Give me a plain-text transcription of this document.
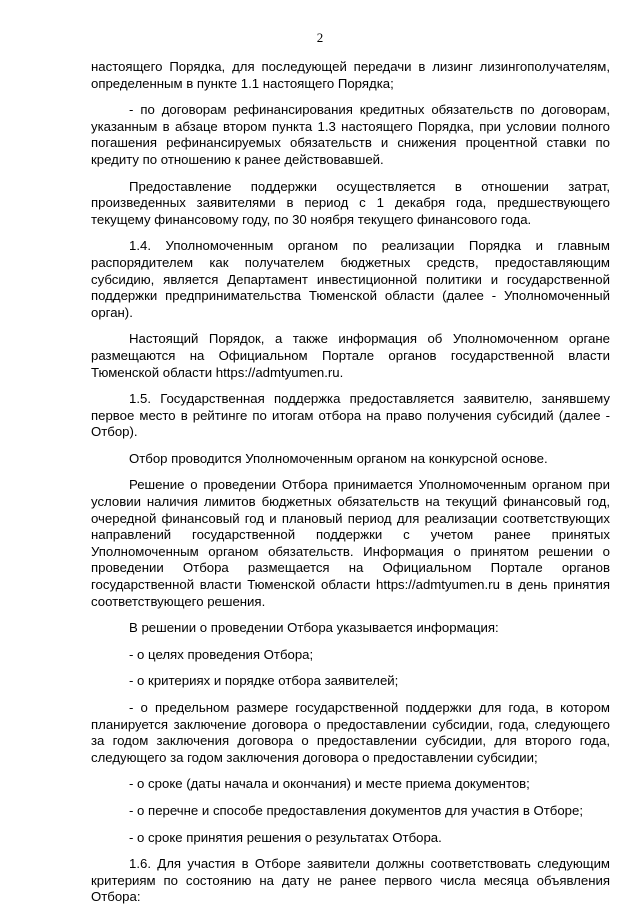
2

настоящего Порядка, для последующей передачи в лизинг лизингополучателям, определенным в пункте 1.1 настоящего Порядка;

- по договорам рефинансирования кредитных обязательств по договорам, указанным в абзаце втором пункта 1.3 настоящего Порядка, при условии полного погашения рефинансируемых обязательств и снижения процентной ставки по кредиту по отношению к ранее действовавшей.

Предоставление поддержки осуществляется в отношении затрат, произведенных заявителями в период с 1 декабря года, предшествующего текущему финансовому году, по 30 ноября текущего финансового года.

1.4. Уполномоченным органом по реализации Порядка и главным распорядителем как получателем бюджетных средств, предоставляющим субсидию, является Департамент инвестиционной политики и государственной поддержки предпринимательства Тюменской области (далее - Уполномоченный орган).

Настоящий Порядок, а также информация об Уполномоченном органе размещаются на Официальном Портале органов государственной власти Тюменской области https://admtyumen.ru.

1.5. Государственная поддержка предоставляется заявителю, занявшему первое место в рейтинге по итогам отбора на право получения субсидий (далее - Отбор).

Отбор проводится Уполномоченным органом на конкурсной основе.

Решение о проведении Отбора принимается Уполномоченным органом при условии наличия лимитов бюджетных обязательств на текущий финансовый год, очередной финансовый год и плановый период для реализации соответствующих направлений государственной поддержки с учетом ранее принятых Уполномоченным органом обязательств. Информация о принятом решении о проведении Отбора размещается на Официальном Портале органов государственной власти Тюменской области https://admtyumen.ru в день принятия соответствующего решения.

В решении о проведении Отбора указывается информация:

- о целях проведения Отбора;

- о критериях и порядке отбора заявителей;

- о предельном размере государственной поддержки для года, в котором планируется заключение договора о предоставлении субсидии, года, следующего за годом заключения договора о предоставлении субсидии, для второго года, следующего за годом заключения договора о предоставлении субсидии;

- о сроке (даты начала и окончания) и месте приема документов;

- о перечне и способе предоставления документов для участия в Отборе;

- о сроке принятия решения о результатах Отбора.

1.6. Для участия в Отборе заявители должны соответствовать следующим критериям по состоянию на дату не ранее первого числа месяца объявления Отбора:
